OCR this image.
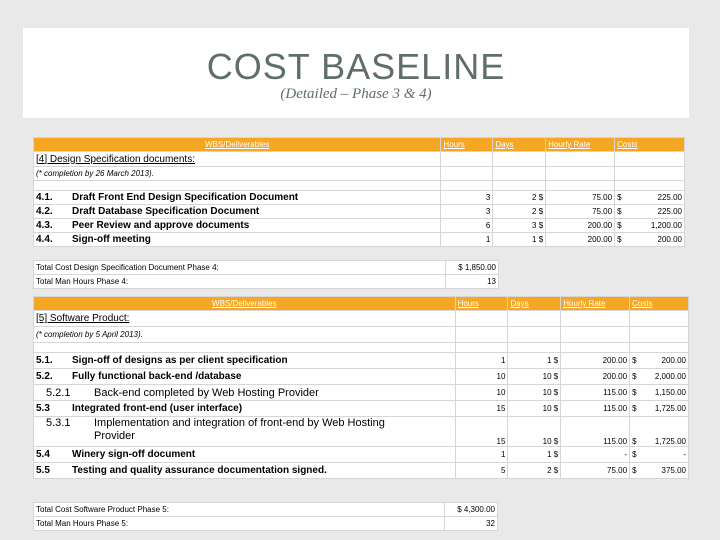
COST BASELINE
(Detailed – Phase 3 & 4)
WBS/Deliverables	Hours	Days	Hourly Rate	Costs
[4] Design Specification documents:				
(* completion by 26 March 2013).				

4.1. Draft Front End Design Specification Document	3	2 $	75.00	$ 225.00

4.2. Draft Database Specification Document	3	2 $	75.00	$ 225.00

4.3. Peer Review and approve documents	6	3 $	200.00	$ 1,200.00

4.4. Sign-off meeting	1	1 $	200.00	$ 200.00
Total Cost Design Specification Document Phase 4:	$ 1,850.00
Total Man Hours Phase 4:	13
WBS/Deliverables	Hours	Days	Hourly Rate	Costs
[5] Software Product:				
(* completion by 5 April 2013).				

5.1. Sign-off of designs as per client specification	1	1 $	200.00	$ 200.00

5.2. Fully functional back-end /database	10	10 $	200.00	$ 2,000.00

5.2.1 Back-end completed by Web Hosting Provider	10	10 $	115.00	$ 1,150.00

5.3 Integrated front-end (user interface)	15	10 $	115.00	$ 1,725.00

5.3.1 Implementation and integration of front-end by Web Hosting
Provider	15	10 $	115.00	$ 1,725.00

5.4 Winery sign-off document	1	1 $	-	$ -

5.5 Testing and quality assurance documentation signed.	5	2 $	75.00	$ 375.00
Total Cost Software Product Phase 5:	$ 4,300.00
Total Man Hours Phase 5:	32
